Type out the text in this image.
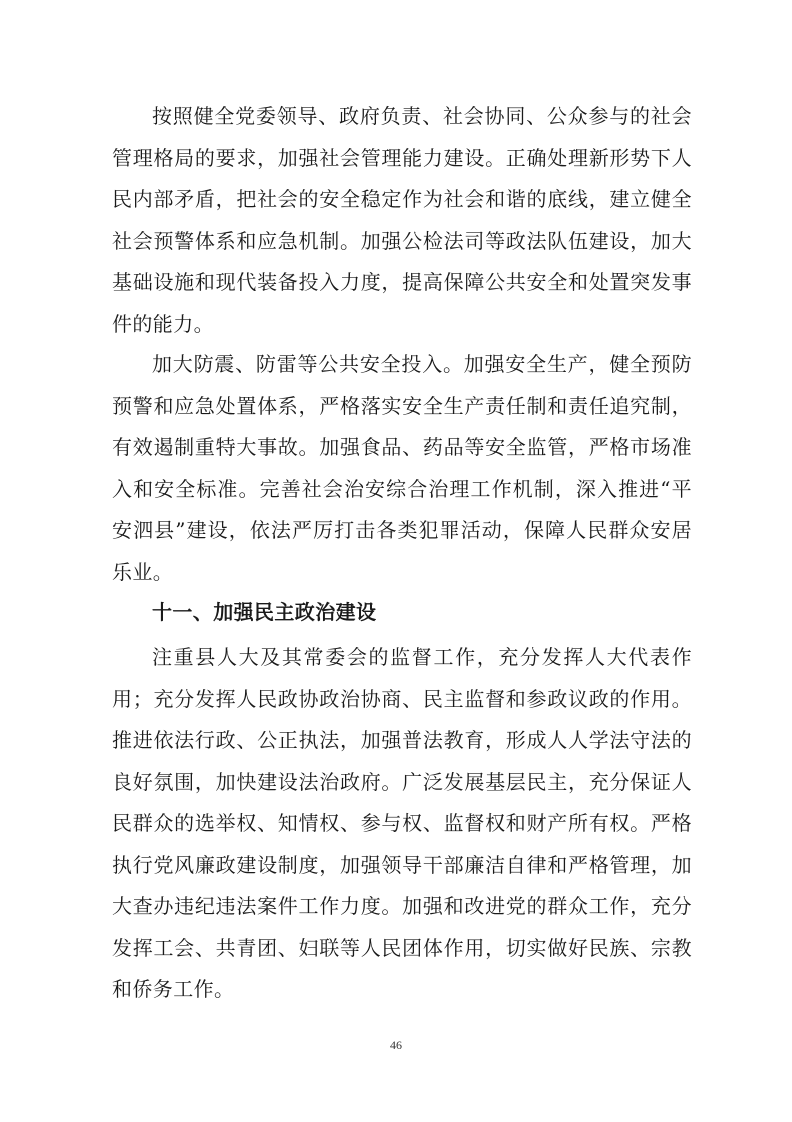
按照健全党委领导、政府负责、社会协同、公众参与的社会管理格局的要求，加强社会管理能力建设。正确处理新形势下人民内部矛盾，把社会的安全稳定作为社会和谐的底线，建立健全社会预警体系和应急机制。加强公检法司等政法队伍建设，加大基础设施和现代装备投入力度，提高保障公共安全和处置突发事件的能力。

加大防震、防雷等公共安全投入。加强安全生产，健全预防预警和应急处置体系，严格落实安全生产责任制和责任追究制，有效遏制重特大事故。加强食品、药品等安全监管，严格市场准入和安全标准。完善社会治安综合治理工作机制，深入推进“平安泗县”建设，依法严厉打击各类犯罪活动，保障人民群众安居乐业。

十一、加强民主政治建设

注重县人大及其常委会的监督工作，充分发挥人大代表作用；充分发挥人民政协政治协商、民主监督和参政议政的作用。推进依法行政、公正执法，加强普法教育，形成人人学法守法的良好氛围，加快建设法治政府。广泛发展基层民主，充分保证人民群众的选举权、知情权、参与权、监督权和财产所有权。严格执行党风廉政建设制度，加强领导干部廉洁自律和严格管理，加大查办违纪违法案件工作力度。加强和改进党的群众工作，充分发挥工会、共青团、妇联等人民团体作用，切实做好民族、宗教和侨务工作。

46
